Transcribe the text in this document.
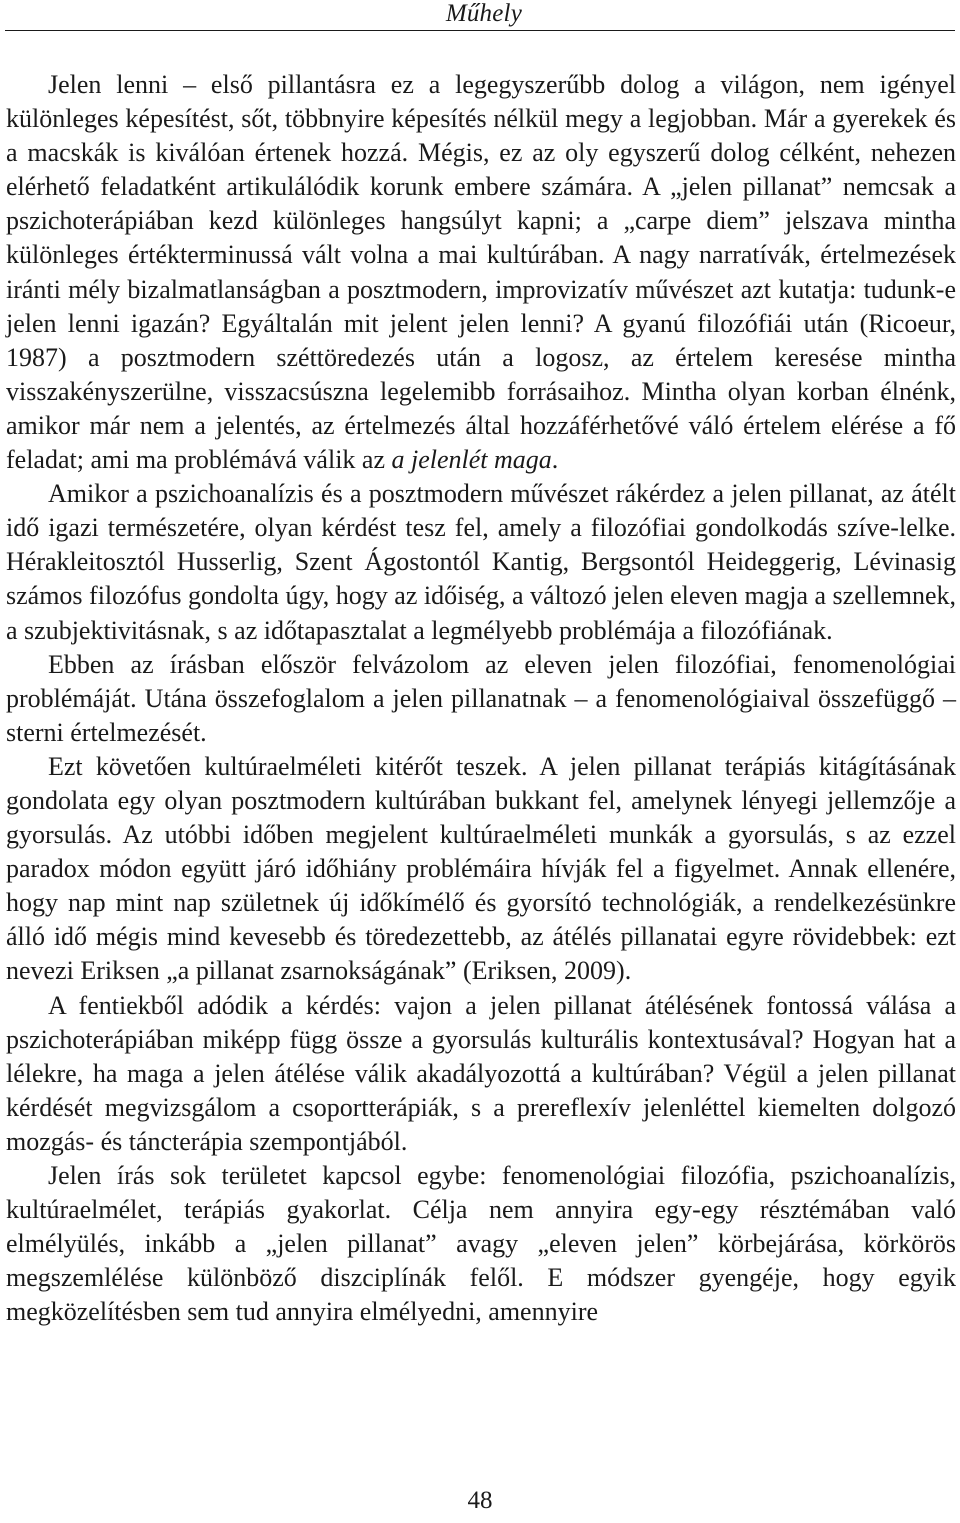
Műhely

Jelen lenni – első pillantásra ez a legegyszerűbb dolog a világon, nem igényel különleges képesítést, sőt, többnyire képesítés nélkül megy a legjobban. Már a gyerekek és a macskák is kiválóan értenek hozzá. Mégis, ez az oly egyszerű dolog célként, nehezen elérhető feladatként artikulálódik korunk embere számára. A „jelen pillanat” nemcsak a pszichoterápiában kezd különleges hangsúlyt kapni; a „carpe diem” jelszava mintha különleges értékterminussá vált volna a mai kultúrában. A nagy narratívák, értelmezések iránti mély bizalmatlanságban a posztmodern, improvizatív művészet azt kutatja: tudunk-e jelen lenni igazán? Egyáltalán mit jelent jelen lenni? A gyanú filozófiái után (Ricoeur, 1987) a posztmodern széttöredezés után a logosz, az értelem keresése mintha visszakényszerülne, visszacsúszna legelemibb forrásaihoz. Mintha olyan korban élnénk, amikor már nem a jelentés, az értelmezés által hozzáférhetővé váló értelem elérése a fő feladat; ami ma problémává válik az a jelenlét maga.

Amikor a pszichoanalízis és a posztmodern művészet rákérdez a jelen pillanat, az átélt idő igazi természetére, olyan kérdést tesz fel, amely a filozófiai gondolkodás szíve-lelke. Hérakleitosztól Husserlig, Szent Ágostontól Kantig, Bergsontól Heideggerig, Lévinasig számos filozófus gondolta úgy, hogy az időiség, a változó jelen eleven magja a szellemnek, a szubjektivitásnak, s az időtapasztalat a legmélyebb problémája a filozófiának.

Ebben az írásban először felvázolom az eleven jelen filozófiai, fenomenológiai problémáját. Utána összefoglalom a jelen pillanatnak – a fenomenológiaival összefüggő – sterni értelmezését.

Ezt követően kultúraelméleti kitérőt teszek. A jelen pillanat terápiás kitágításának gondolata egy olyan posztmodern kultúrában bukkant fel, amelynek lényegi jellemzője a gyorsulás. Az utóbbi időben megjelent kultúraelméleti munkák a gyorsulás, s az ezzel paradox módon együtt járó időhiány problémáira hívják fel a figyelmet. Annak ellenére, hogy nap mint nap születnek új időkímélő és gyorsító technológiák, a rendelkezésünkre álló idő mégis mind kevesebb és töredezettebb, az átélés pillanatai egyre rövidebbek: ezt nevezi Eriksen „a pillanat zsarnokságának” (Eriksen, 2009).

A fentiekből adódik a kérdés: vajon a jelen pillanat átélésének fontossá válása a pszichoterápiában miképp függ össze a gyorsulás kulturális kontextusával? Hogyan hat a lélekre, ha maga a jelen átélése válik akadályozottá a kultúrában? Végül a jelen pillanat kérdését megvizsgálom a csoportterápiák, s a prereflexív jelenléttel kiemelten dolgozó mozgás- és táncterápia szempontjából.

Jelen írás sok területet kapcsol egybe: fenomenológiai filozófia, pszichoanalízis, kultúraelmélet, terápiás gyakorlat. Célja nem annyira egy-egy résztémában való elmélyülés, inkább a „jelen pillanat” avagy „eleven jelen” körbejárása, körkörös megszemlélése különböző diszciplínák felől. E módszer gyengéje, hogy egyik megközelítésben sem tud annyira elmélyedni, amennyire

48
